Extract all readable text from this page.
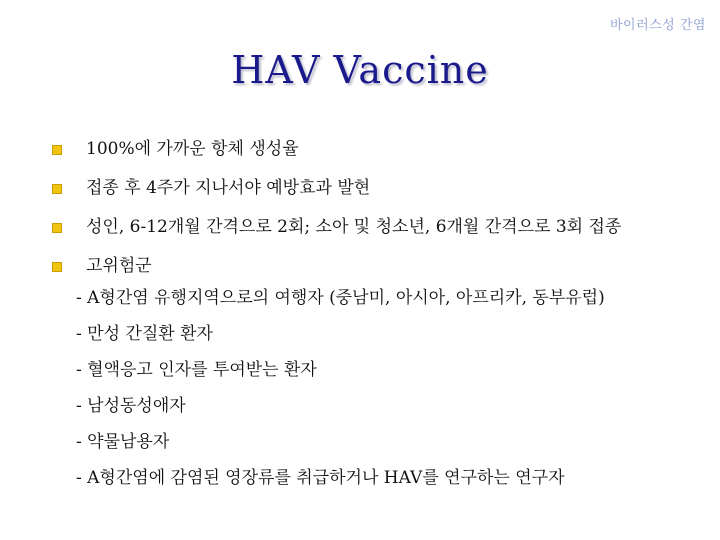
바이러스성 간염
HAV Vaccine
100%에 가까운 항체 생성율
접종 후 4주가 지나서야 예방효과 발현
성인, 6-12개월 간격으로 2회; 소아 및 청소년, 6개월 간격으로 3회 접종
고위험군
- A형간염 유행지역으로의 여행자 (중남미, 아시아, 아프리카, 동부유럽)
- 만성 간질환 환자
- 혈액응고 인자를 투여받는 환자
- 남성동성애자
- 약물남용자
- A형간염에 감염된 영장류를 취급하거나 HAV를 연구하는 연구자
